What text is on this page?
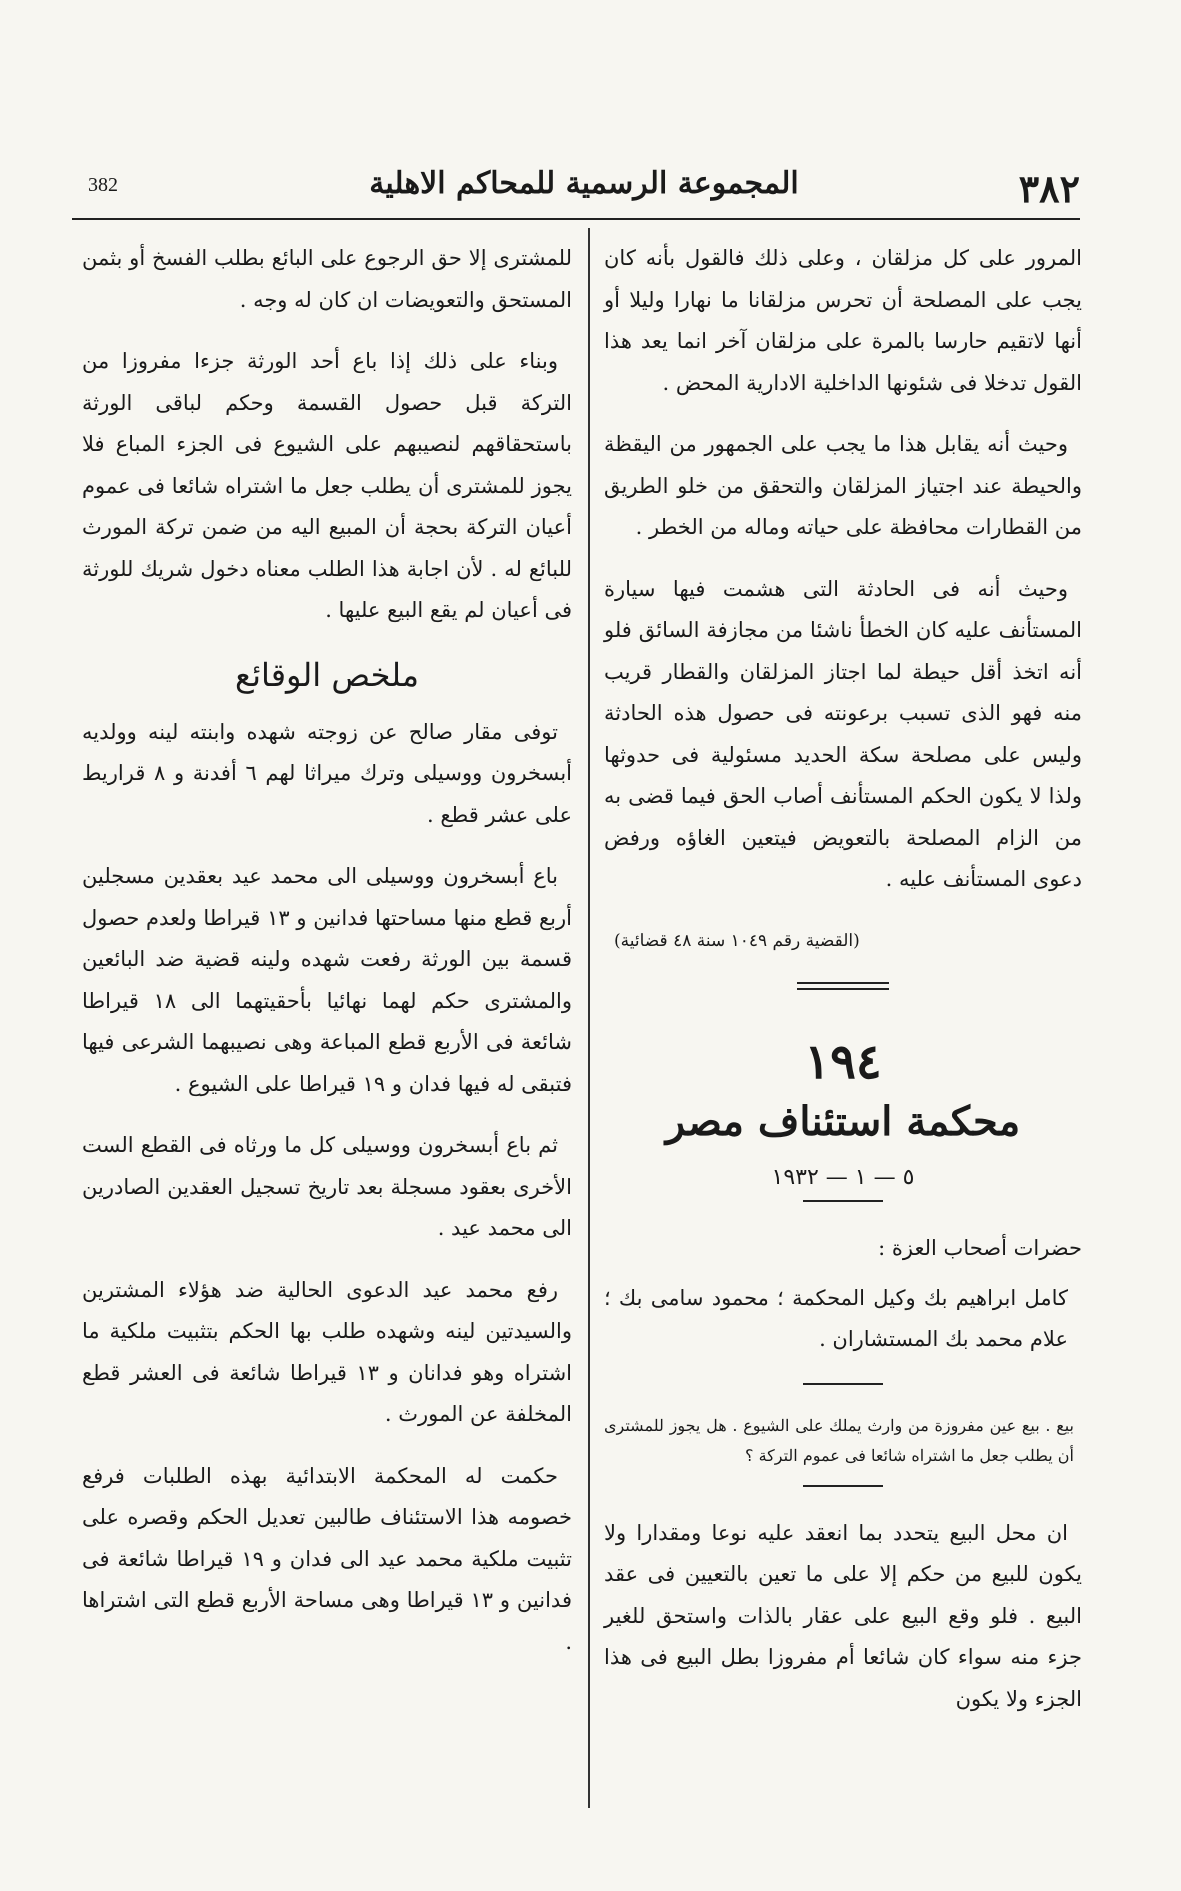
٣٨٢
المجموعة الرسمية للمحاكم الاهلية
382

المرور على كل مزلقان ، وعلى ذلك فالقول بأنه كان يجب على المصلحة أن تحرس مزلقانا ما نهارا وليلا أو أنها لاتقيم حارسا بالمرة على مزلقان آخر انما يعد هذا القول تدخلا فى شئونها الداخلية الادارية المحض .

وحيث أنه يقابل هذا ما يجب على الجمهور من اليقظة والحيطة عند اجتياز المزلقان والتحقق من خلو الطريق من القطارات محافظة على حياته وماله من الخطر .

وحيث أنه فى الحادثة التى هشمت فيها سيارة المستأنف عليه كان الخطأ ناشئا من مجازفة السائق فلو أنه اتخذ أقل حيطة لما اجتاز المزلقان والقطار قريب منه فهو الذى تسبب برعونته فى حصول هذه الحادثة وليس على مصلحة سكة الحديد مسئولية فى حدوثها ولذا لا يكون الحكم المستأنف أصاب الحق فيما قضى به من الزام المصلحة بالتعويض فيتعين الغاؤه ورفض دعوى المستأنف عليه .

(القضية رقم ١٠٤٩ سنة ٤٨ قضائية)
١٩٤
محكمة استئناف مصر
٥ — ١ — ١٩٣٢

حضرات أصحاب العزة :

كامل ابراهيم بك وكيل المحكمة ؛ محمود سامى بك ؛ علام محمد بك المستشاران .

بيع . بيع عين مفروزة من وارث يملك على الشيوع . هل يجوز للمشترى أن يطلب جعل ما اشتراه شائعا فى عموم التركة ؟

ان محل البيع يتحدد بما انعقد عليه نوعا ومقدارا ولا يكون للبيع من حكم إلا على ما تعين بالتعيين فى عقد البيع . فلو وقع البيع على عقار بالذات واستحق للغير جزء منه سواء كان شائعا أم مفروزا بطل البيع فى هذا الجزء ولا يكون

للمشترى إلا حق الرجوع على البائع بطلب الفسخ أو بثمن المستحق والتعويضات ان كان له وجه .

وبناء على ذلك إذا باع أحد الورثة جزءا مفروزا من التركة قبل حصول القسمة وحكم لباقى الورثة باستحقاقهم لنصيبهم على الشيوع فى الجزء المباع فلا يجوز للمشترى أن يطلب جعل ما اشتراه شائعا فى عموم أعيان التركة بحجة أن المبيع اليه من ضمن تركة المورث للبائع له . لأن اجابة هذا الطلب معناه دخول شريك للورثة فى أعيان لم يقع البيع عليها .

ملخص الوقائع

توفى مقار صالح عن زوجته شهده وابنته لينه وولديه أبسخرون ووسيلى وترك ميراثا لهم ٦ أفدنة و ٨ قراريط على عشر قطع .

باع أبسخرون ووسيلى الى محمد عيد بعقدين مسجلين أربع قطع منها مساحتها فدانين و ١٣ قيراطا ولعدم حصول قسمة بين الورثة رفعت شهده ولينه قضية ضد البائعين والمشترى حكم لهما نهائيا بأحقيتهما الى ١٨ قيراطا شائعة فى الأربع قطع المباعة وهى نصيبهما الشرعى فيها فتبقى له فيها فدان و ١٩ قيراطا على الشيوع .

ثم باع أبسخرون ووسيلى كل ما ورثاه فى القطع الست الأخرى بعقود مسجلة بعد تاريخ تسجيل العقدين الصادرين الى محمد عيد .

رفع محمد عيد الدعوى الحالية ضد هؤلاء المشترين والسيدتين لينه وشهده طلب بها الحكم بتثبيت ملكية ما اشتراه وهو فدانان و ١٣ قيراطا شائعة فى العشر قطع المخلفة عن المورث .

حكمت له المحكمة الابتدائية بهذه الطلبات فرفع خصومه هذا الاستئناف طالبين تعديل الحكم وقصره على تثبيت ملكية محمد عيد الى فدان و ١٩ قيراطا شائعة فى فدانين و ١٣ قيراطا وهى مساحة الأربع قطع التى اشتراها .
